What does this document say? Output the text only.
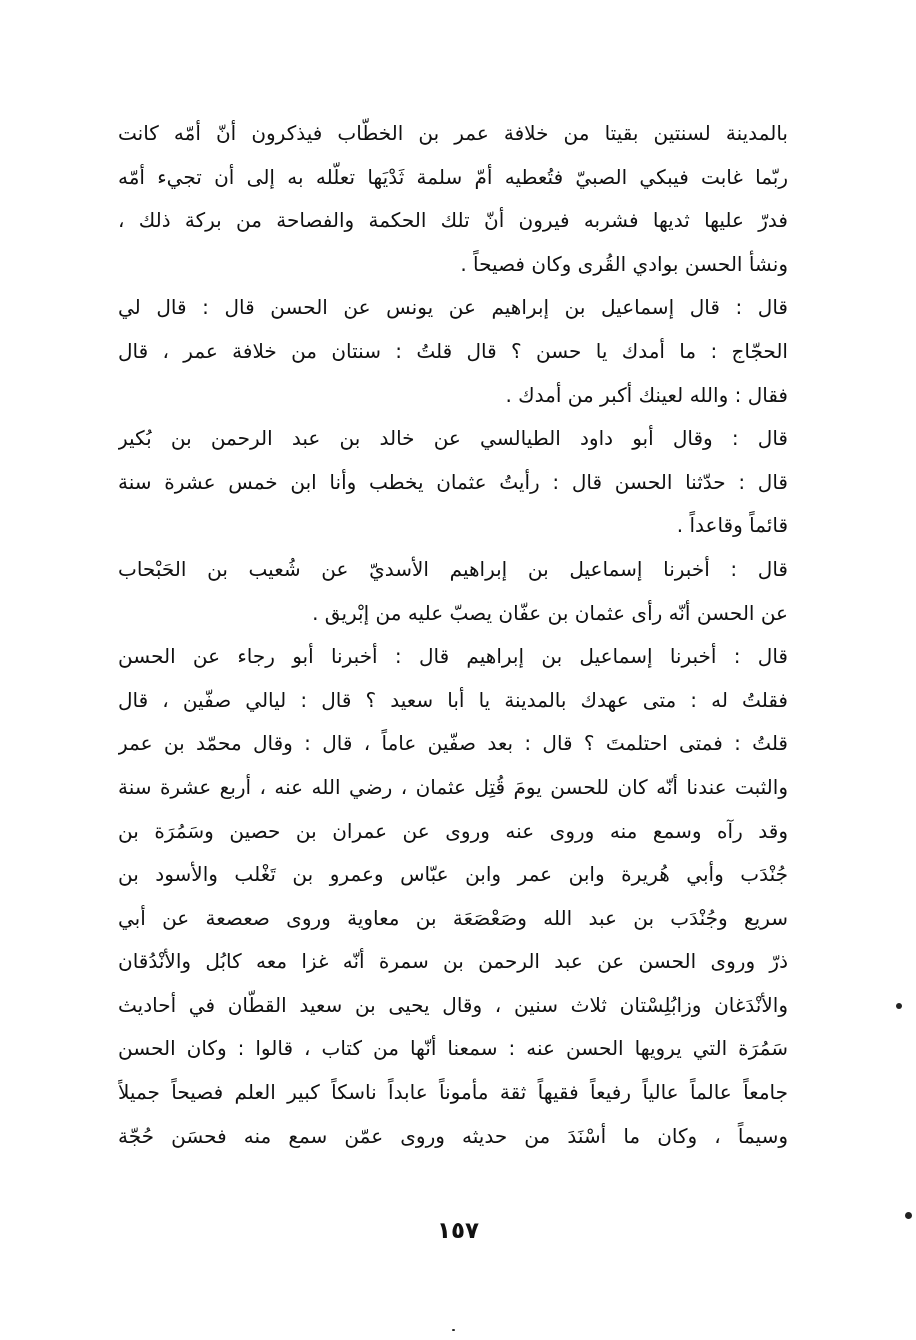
بالمدينة لسنتين بقيتا من خلافة عمر بن الخطّاب فيذكرون أنّ أمّه كانت
ربّما غابت فيبكي الصبيّ فتُعطيه أمّ سلمة ثَدْيَها تعلّله به إلى أن تجيء أمّه
فدرّ عليها ثديها فشربه فيرون أنّ تلك الحكمة والفصاحة من بركة ذلك ،
ونشأ الحسن بوادي القُرى وكان فصيحاً .
قال : قال إسماعيل بن إبراهيم عن يونس عن الحسن قال : قال لي
الحجّاج : ما أمدك يا حسن ؟ قال قلتُ : سنتان من خلافة عمر ، قال
فقال : والله لعينك أكبر من أمدك .
قال : وقال أبو داود الطيالسي عن خالد بن عبد الرحمن بن بُكير
قال : حدّثنا الحسن قال : رأيتُ عثمان يخطب وأنا ابن خمس عشرة سنة
قائماً وقاعداً .
قال : أخبرنا إسماعيل بن إبراهيم الأسديّ عن شُعيب بن الحَبْحاب
عن الحسن أنّه رأى عثمان بن عفّان يصبّ عليه من إبْريق .
قال : أخبرنا إسماعيل بن إبراهيم قال : أخبرنا أبو رجاء عن الحسن
فقلتُ له : متى عهدك بالمدينة يا أبا سعيد ؟ قال : ليالي صفّين ، قال
قلتُ : فمتى احتلمتَ ؟ قال : بعد صفّين عاماً ، قال : وقال محمّد بن عمر
والثبت عندنا أنّه كان للحسن يومَ قُتِل عثمان ، رضي الله عنه ، أربع عشرة سنة
وقد رآه وسمع منه وروى عنه وروى عن عمران بن حصين وسَمُرَة بن
جُنْدَب وأبي هُريرة وابن عمر وابن عبّاس وعمرو بن تَغْلب والأسود بن
سريع وجُنْدَب بن عبد الله وصَعْصَعَة بن معاوية وروى صعصعة عن أبي
ذرّ وروى الحسن عن عبد الرحمن بن سمرة أنّه غزا معه كابُل والأنْدُقان
والأنْدَغان وزابُلِسْتان ثلاث سنين ، وقال يحيى بن سعيد القطّان في أحاديث
سَمُرَة التي يرويها الحسن عنه : سمعنا أنّها من كتاب ، قالوا : وكان الحسن
جامعاً عالماً عالياً رفيعاً فقيهاً ثقة مأموناً عابداً ناسكاً كبير العلم فصيحاً جميلاً
وسيماً ، وكان ما أسْنَدَ من حديثه وروى عمّن سمع منه فحسَن حُجّة
١٥٧
